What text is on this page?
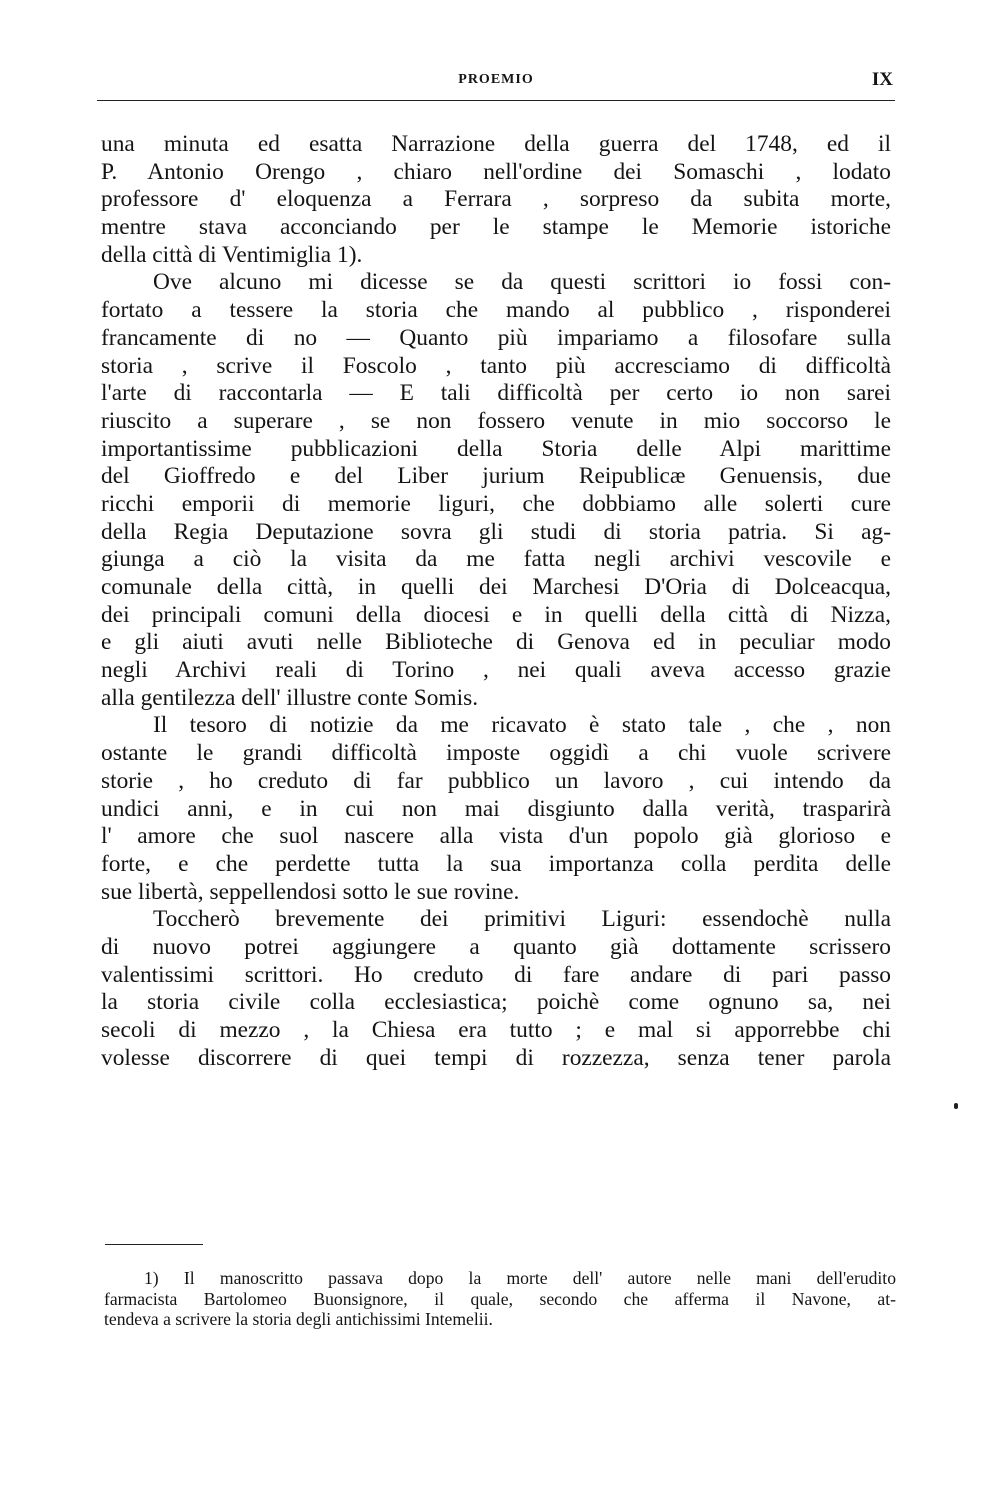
PROEMIO	IX
una minuta ed esatta Narrazione della guerra del 1748, ed il
P. Antonio Orengo , chiaro nell'ordine dei Somaschi , lodato
professore d' eloquenza a Ferrara , sorpreso da subita morte,
mentre stava acconciando per le stampe le Memorie istoriche
della città di Ventimiglia 1).
Ove alcuno mi dicesse se da questi scrittori io fossi con-
fortato a tessere la storia che mando al pubblico , risponderei
francamente di no — Quanto più impariamo a filosofare sulla
storia , scrive il Foscolo , tanto più accresciamo di difficoltà
l'arte di raccontarla — E tali difficoltà per certo io non sarei
riuscito a superare , se non fossero venute in mio soccorso le
importantissime pubblicazioni della Storia delle Alpi marittime
del Gioffredo e del Liber jurium Reipublicæ Genuensis, due
ricchi emporii di memorie liguri, che dobbiamo alle solerti cure
della Regia Deputazione sovra gli studi di storia patria. Si ag-
giunga a ciò la visita da me fatta negli archivi vescovile e
comunale della città, in quelli dei Marchesi D'Oria di Dolceacqua,
dei principali comuni della diocesi e in quelli della città di Nizza,
e gli aiuti avuti nelle Biblioteche di Genova ed in peculiar modo
negli Archivi reali di Torino , nei quali aveva accesso grazie
alla gentilezza dell' illustre conte Somis.
Il tesoro di notizie da me ricavato è stato tale , che , non
ostante le grandi difficoltà imposte oggidì a chi vuole scrivere
storie , ho creduto di far pubblico un lavoro , cui intendo da
undici anni, e in cui non mai disgiunto dalla verità, trasparirà
l' amore che suol nascere alla vista d'un popolo già glorioso e
forte, e che perdette tutta la sua importanza colla perdita delle
sue libertà, seppellendosi sotto le sue rovine.
Toccherò brevemente dei primitivi Liguri: essendochè nulla
di nuovo potrei aggiungere a quanto già dottamente scrissero
valentissimi scrittori. Ho creduto di fare andare di pari passo
la storia civile colla ecclesiastica; poichè come ognuno sa, nei
secoli di mezzo , la Chiesa era tutto ; e mal si apporrebbe chi
volesse discorrere di quei tempi di rozzezza, senza tener parola
1) Il manoscritto passava dopo la morte dell' autore nelle mani dell'erudito
farmacista Bartolomeo Buonsignore, il quale, secondo che afferma il Navone, at-
tendeva a scrivere la storia degli antichissimi Intemelii.
